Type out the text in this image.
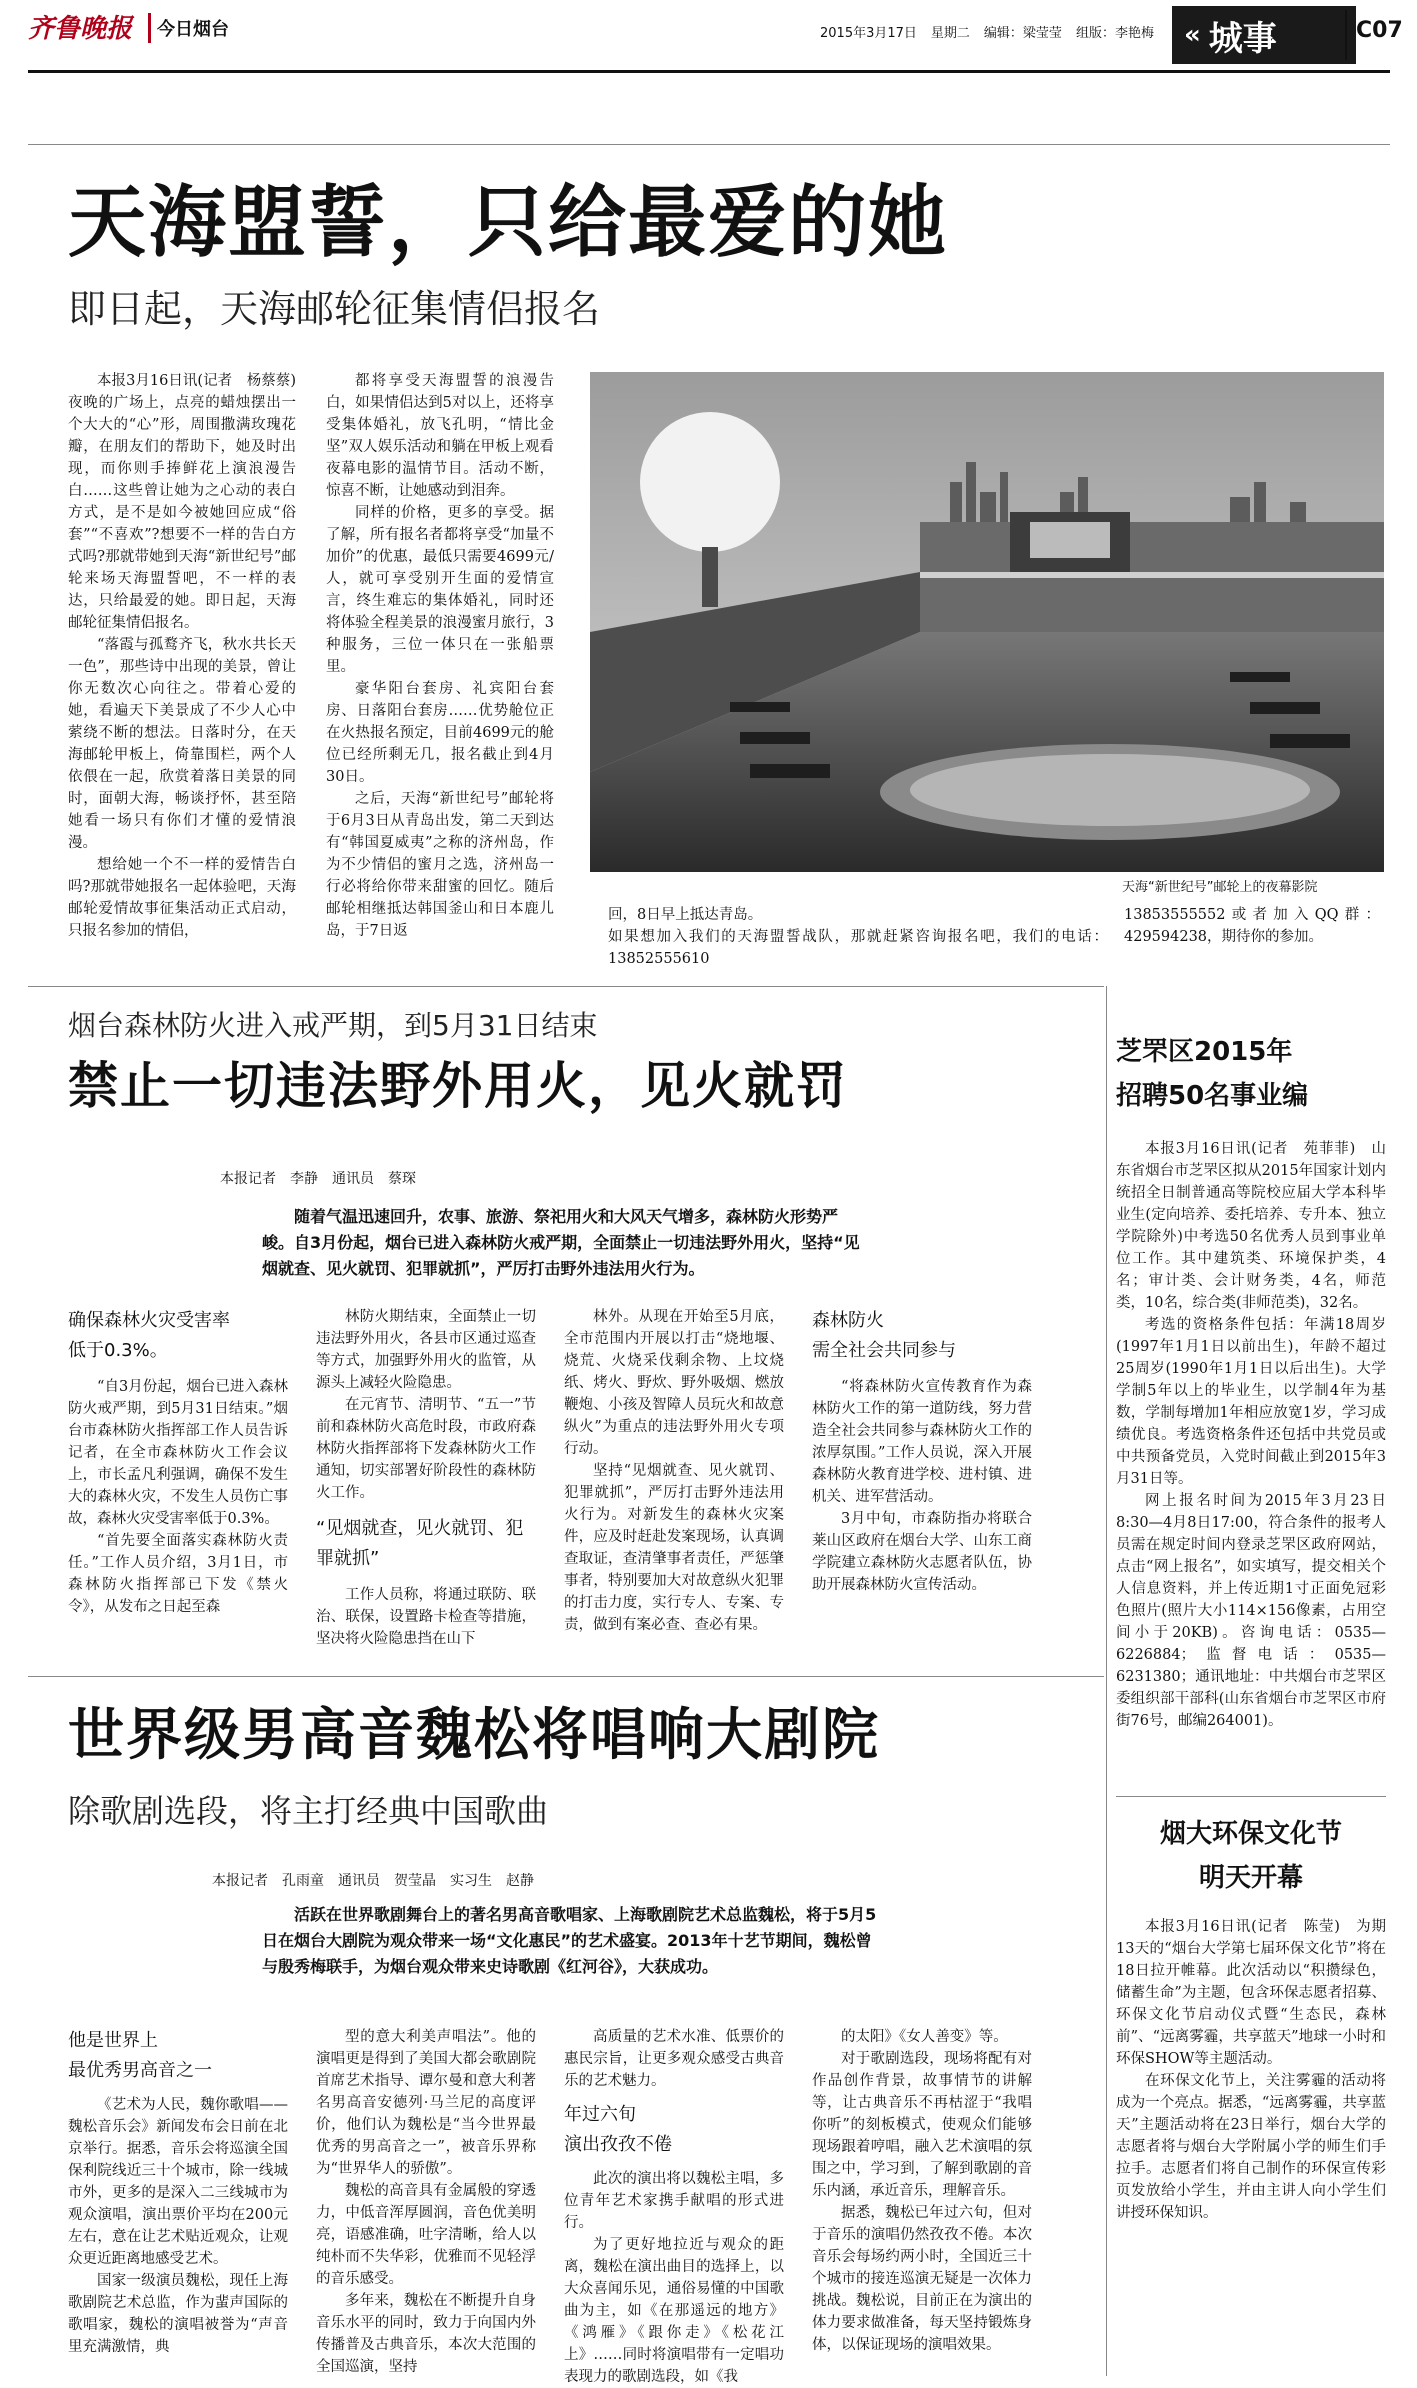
齐鲁晚报	今日烟台	2015年3月17日 星期二 编辑：梁莹莹 组版：李艳梅 « 城事	C07
天海盟誓，只给最爱的她
即日起，天海邮轮征集情侣报名

本报3月16日讯(记者　杨蔡蔡)　夜晚的广场上，点亮的蜡烛摆出一个大大的“心”形，周围撒满玫瑰花瓣，在朋友们的帮助下，她及时出现，而你则手捧鲜花上演浪漫告白……这些曾让她为之心动的表白方式，是不是如今被她回应成“俗套”“不喜欢”?想要不一样的告白方式吗?那就带她到天海“新世纪号”邮轮来场天海盟誓吧，不一样的表达，只给最爱的她。即日起，天海邮轮征集情侣报名。

“落霞与孤鹜齐飞，秋水共长天一色”，那些诗中出现的美景，曾让你无数次心向往之。带着心爱的她，看遍天下美景成了不少人心中萦绕不断的想法。日落时分，在天海邮轮甲板上，倚靠围栏，两个人依偎在一起，欣赏着落日美景的同时，面朝大海，畅谈抒怀，甚至陪她看一场只有你们才懂的爱情浪漫。

想给她一个不一样的爱情告白吗?那就带她报名一起体验吧，天海邮轮爱情故事征集活动正式启动，只报名参加的情侣，

都将享受天海盟誓的浪漫告白，如果情侣达到5对以上，还将享受集体婚礼，放飞孔明，“情比金坚”双人娱乐活动和躺在甲板上观看夜幕电影的温情节目。活动不断，惊喜不断，让她感动到泪奔。

同样的价格，更多的享受。据了解，所有报名者都将享受“加量不加价”的优惠，最低只需要4699元/人，就可享受别开生面的爱情宣言，终生难忘的集体婚礼，同时还将体验全程美景的浪漫蜜月旅行，3种服务，三位一体只在一张船票里。

豪华阳台套房、礼宾阳台套房、日落阳台套房……优势舱位正在火热报名预定，目前4699元的舱位已经所剩无几，报名截止到4月30日。

之后，天海“新世纪号”邮轮将于6月3日从青岛出发，第二天到达有“韩国夏威夷”之称的济州岛，作为不少情侣的蜜月之选，济州岛一行必将给你带来甜蜜的回忆。随后邮轮相继抵达韩国釜山和日本鹿儿岛，于7日返

天海“新世纪号”邮轮上的夜幕影院
回，8日早上抵达青岛。
如果想加入我们的天海盟誓战队，那就赶紧咨询报名吧，我们的电话：13852555610
13853555552或者加入QQ群：429594238，期待你的参加。
烟台森林防火进入戒严期，到5月31日结束
禁止一切违法野外用火，见火就罚
本报记者　李静　通讯员　蔡琛
随着气温迅速回升，农事、旅游、祭祀用火和大风天气增多，森林防火形势严峻。自3月份起，烟台已进入森林防火戒严期，全面禁止一切违法野外用火，坚持“见烟就查、见火就罚、犯罪就抓”，严厉打击野外违法用火行为。
确保森林火灾受害率
低于0.3%。

“自3月份起，烟台已进入森林防火戒严期，到5月31日结束。”烟台市森林防火指挥部工作人员告诉记者，在全市森林防火工作会议上，市长孟凡利强调，确保不发生大的森林火灾，不发生人员伤亡事故，森林火灾受害率低于0.3%。

“首先要全面落实森林防火责任。”工作人员介绍，3月1日，市森林防火指挥部已下发《禁火令》，从发布之日起至森

林防火期结束，全面禁止一切违法野外用火，各县市区通过巡查等方式，加强野外用火的监管，从源头上减轻火险隐患。

在元宵节、清明节、“五一”节前和森林防火高危时段，市政府森林防火指挥部将下发森林防火工作通知，切实部署好阶段性的森林防火工作。

“见烟就查，见火就罚、犯罪就抓”

工作人员称，将通过联防、联治、联保，设置路卡检查等措施，坚决将火险隐患挡在山下

林外。从现在开始至5月底，全市范围内开展以打击“烧地堰、烧荒、火烧采伐剩余物、上坟烧纸、烤火、野炊、野外吸烟、燃放鞭炮、小孩及智障人员玩火和故意纵火”为重点的违法野外用火专项行动。

坚持“见烟就查、见火就罚、犯罪就抓”，严厉打击野外违法用火行为。对新发生的森林火灾案件，应及时赶赴发案现场，认真调查取证，查清肇事者责任，严惩肇事者，特别要加大对故意纵火犯罪的打击力度，实行专人、专案、专责，做到有案必查、查必有果。

森林防火
需全社会共同参与

“将森林防火宣传教育作为森林防火工作的第一道防线，努力营造全社会共同参与森林防火工作的浓厚氛围。”工作人员说，深入开展森林防火教育进学校、进村镇、进机关、进军营活动。

3月中旬，市森防指办将联合莱山区政府在烟台大学、山东工商学院建立森林防火志愿者队伍，协助开展森林防火宣传活动。

世界级男高音魏松将唱响大剧院
除歌剧选段，将主打经典中国歌曲
本报记者　孔雨童　通讯员　贺莹晶　实习生　赵静
活跃在世界歌剧舞台上的著名男高音歌唱家、上海歌剧院艺术总监魏松，将于5月5日在烟台大剧院为观众带来一场“文化惠民”的艺术盛宴。2013年十艺节期间，魏松曾与殷秀梅联手，为烟台观众带来史诗歌剧《红河谷》，大获成功。
他是世界上
最优秀男高音之一

《艺术为人民，魏你歌唱——魏松音乐会》新闻发布会日前在北京举行。据悉，音乐会将巡演全国保利院线近三十个城市，除一线城市外，更多的是深入二三线城市为观众演唱，演出票价平均在200元左右，意在让艺术贴近观众，让观众更近距离地感受艺术。

国家一级演员魏松，现任上海歌剧院艺术总监，作为蜚声国际的歌唱家，魏松的演唱被誉为“声音里充满激情，典

型的意大利美声唱法”。他的演唱更是得到了美国大都会歌剧院首席艺术指导、谭尔曼和意大利著名男高音安德列·马兰尼的高度评价，他们认为魏松是“当今世界最优秀的男高音之一”，被音乐界称为“世界华人的骄傲”。

魏松的高音具有金属般的穿透力，中低音浑厚圆润，音色优美明亮，语感准确，吐字清晰，给人以纯朴而不失华彩，优雅而不见轻浮的音乐感受。

多年来，魏松在不断提升自身音乐水平的同时，致力于向国内外传播普及古典音乐，本次大范围的全国巡演，坚持

高质量的艺术水准、低票价的惠民宗旨，让更多观众感受古典音乐的艺术魅力。

年过六旬
演出孜孜不倦

此次的演出将以魏松主唱，多位青年艺术家携手献唱的形式进行。

为了更好地拉近与观众的距离，魏松在演出曲目的选择上，以大众喜闻乐见，通俗易懂的中国歌曲为主，如《在那遥远的地方》《鸿雁》《跟你走》《松花江上》……同时将演唱带有一定唱功表现力的歌剧选段，如《我

的太阳》《女人善变》等。

对于歌剧选段，现场将配有对作品创作背景，故事情节的讲解等，让古典音乐不再枯涩于“我唱你听”的刻板模式，使观众们能够现场跟着哼唱，融入艺术演唱的氛围之中，学习到，了解到歌剧的音乐内涵，承近音乐，理解音乐。

据悉，魏松已年过六旬，但对于音乐的演唱仍然孜孜不倦。本次音乐会每场约两小时，全国近三十个城市的接连巡演无疑是一次体力挑战。魏松说，目前正在为演出的体力要求做准备，每天坚持锻炼身体，以保证现场的演唱效果。

芝罘区2015年
招聘50名事业编

本报3月16日讯(记者　苑菲菲)　山东省烟台市芝罘区拟从2015年国家计划内统招全日制普通高等院校应届大学本科毕业生(定向培养、委托培养、专升本、独立学院除外)中考选50名优秀人员到事业单位工作。其中建筑类、环境保护类，4名；审计类、会计财务类，4名，师范类，10名，综合类(非师范类)，32名。

考选的资格条件包括：年满18周岁(1997年1月1日以前出生)，年龄不超过25周岁(1990年1月1日以后出生)。大学学制5年以上的毕业生，以学制4年为基数，学制每增加1年相应放宽1岁，学习成绩优良。考选资格条件还包括中共党员或中共预备党员，入党时间截止到2015年3月31日等。

网上报名时间为2015年3月23日8:30—4月8日17:00，符合条件的报考人员需在规定时间内登录芝罘区政府网站，点击“网上报名”，如实填写，提交相关个人信息资料，并上传近期1寸正面免冠彩色照片(照片大小114×156像素，占用空间小于20KB)。咨询电话：0535—6226884；监督电话：0535—6231380；通讯地址：中共烟台市芝罘区委组织部干部科(山东省烟台市芝罘区市府街76号，邮编264001)。

烟大环保文化节
明天开幕

本报3月16日讯(记者　陈莹)　为期13天的“烟台大学第七届环保文化节”将在18日拉开帷幕。此次活动以“积攒绿色，储蓄生命”为主题，包含环保志愿者招募、环保文化节启动仪式暨“生态民，森林前”、“远离雾霾，共享蓝天”地球一小时和环保SHOW等主题活动。

在环保文化节上，关注雾霾的活动将成为一个亮点。据悉，“远离雾霾，共享蓝天”主题活动将在23日举行，烟台大学的志愿者将与烟台大学附属小学的师生们手拉手。志愿者们将自己制作的环保宣传彩页发放给小学生，并由主讲人向小学生们讲授环保知识。
